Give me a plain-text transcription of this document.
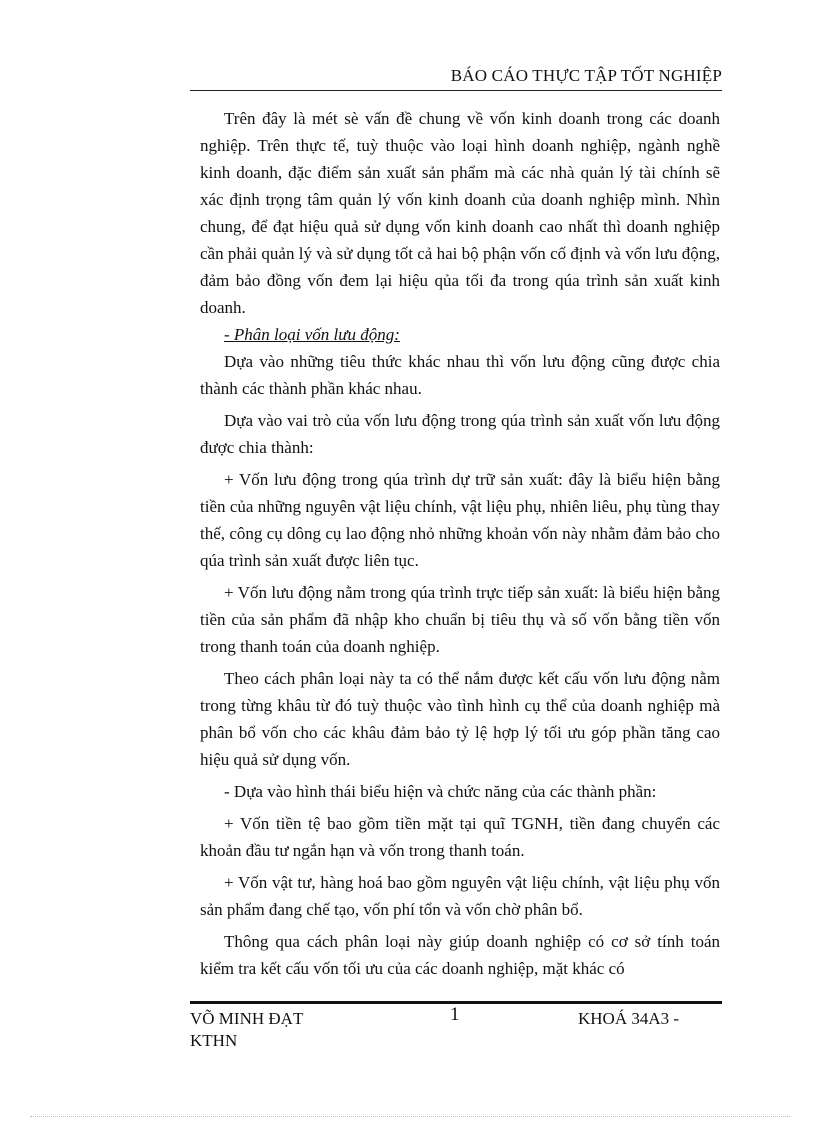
BÁO CÁO THỰC TẬP TỐT NGHIỆP

Trên đây là mét sè vấn đề chung về vốn kinh doanh trong các doanh nghiệp. Trên thực tế, tuỳ thuộc vào loại hình doanh nghiệp, ngành nghề kinh doanh, đặc điểm sản xuất sản phẩm mà các nhà quản lý tài chính sẽ xác định trọng tâm quản lý vốn kinh doanh của doanh nghiệp mình. Nhìn chung, để đạt hiệu quả sử dụng vốn kinh doanh cao nhất thì doanh nghiệp cần phải quản lý và sử dụng tốt cả hai bộ phận vốn cố định và vốn lưu động, đảm bảo đồng vốn đem lại hiệu qủa tối đa trong qúa trình sản xuất kinh doanh.

- Phân loại vốn lưu động:

Dựa vào những tiêu thức khác nhau thì vốn lưu động cũng được chia thành các thành phần khác nhau.

Dựa vào vai trò của vốn lưu động trong qúa trình sản xuất vốn lưu động được chia thành:

+ Vốn lưu động trong qúa trình dự trữ sản xuất: đây là biểu hiện bằng tiền của những nguyên vật liệu chính, vật liệu phụ, nhiên liêu, phụ tùng thay thế, công cụ dông cụ lao động nhỏ những khoản vốn này nhằm đảm bảo cho qúa trình sản xuất được liên tục.

+ Vốn lưu động nằm trong qúa trình trực tiếp sản xuất: là biểu hiện bằng tiền của sản phẩm đã nhập kho chuẩn bị tiêu thụ và số vốn bằng tiền vốn trong thanh toán của doanh nghiệp.

Theo cách phân loại này ta có thể nắm được kết cấu vốn lưu động nằm trong từng khâu từ đó tuỳ thuộc vào tình hình cụ thể của doanh nghiệp mà phân bổ vốn cho các khâu đảm bảo tỷ lệ hợp lý tối ưu góp phần tăng cao hiệu quả sử dụng vốn.

- Dựa vào hình thái biểu hiện và chức năng của các thành phần:

+ Vốn tiền tệ bao gồm tiền mặt tại quĩ TGNH, tiền đang chuyển các khoản đầu tư ngắn hạn và vốn trong thanh toán.

+ Vốn vật tư, hàng hoá bao gồm nguyên vật liệu chính, vật liệu phụ vốn sản phẩm đang chế tạo, vốn phí tổn và vốn chờ phân bổ.

Thông qua cách phân loại này giúp doanh nghiệp có cơ sở tính toán kiểm tra kết cấu vốn tối ưu của các doanh nghiệp, mặt khác có

VÕ MINH ĐẠT KTHN
1	KHOÁ 34A3 -
